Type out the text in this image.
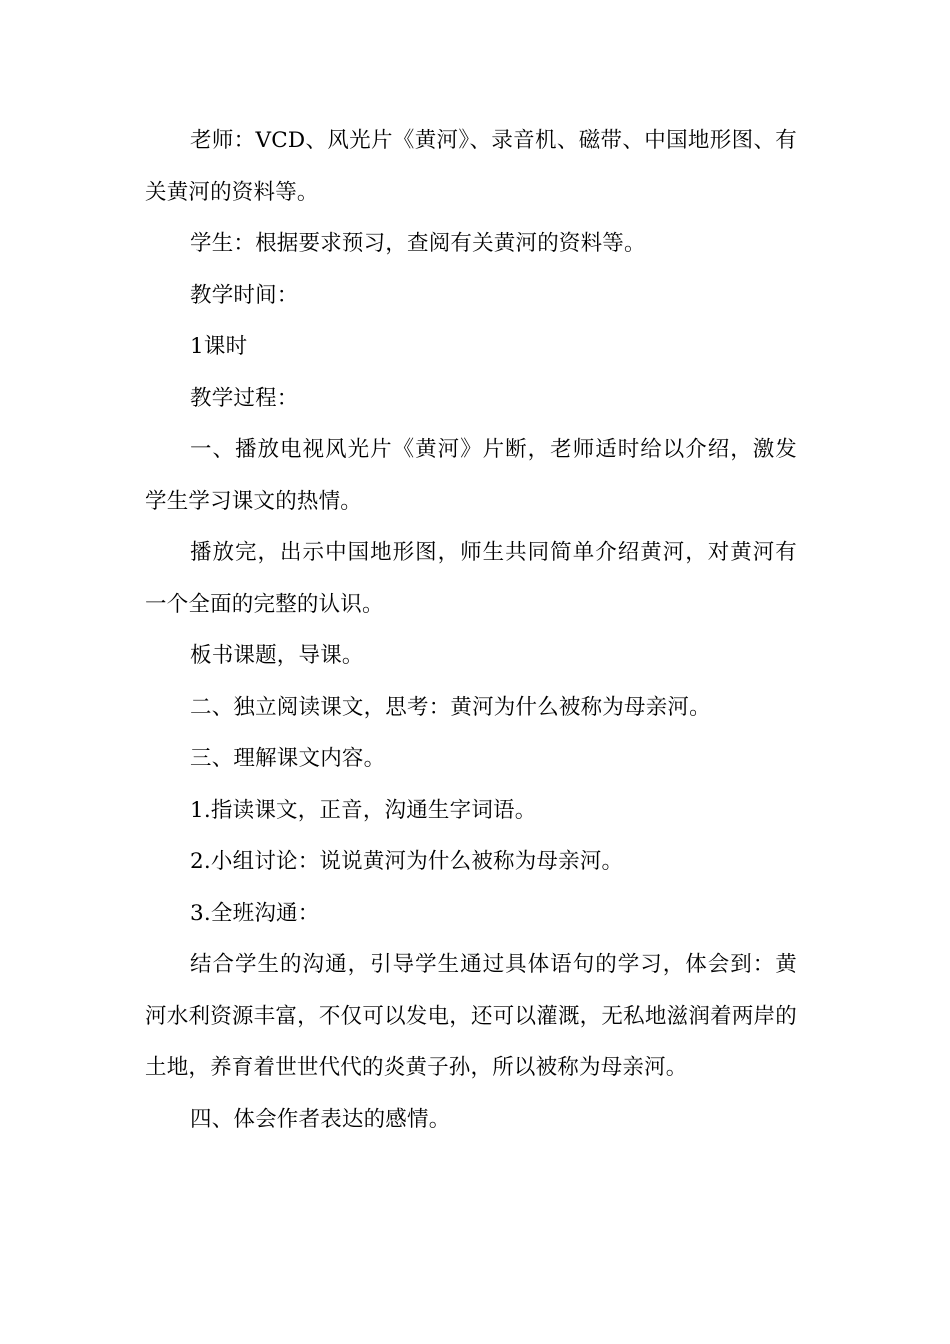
老师：VCD、风光片《黄河》、录音机、磁带、中国地形图、有关黄河的资料等。

学生：根据要求预习，查阅有关黄河的资料等。

教学时间：

1课时

教学过程：

一、播放电视风光片《黄河》片断，老师适时给以介绍，激发学生学习课文的热情。

播放完，出示中国地形图，师生共同简单介绍黄河，对黄河有一个全面的完整的认识。

板书课题，导课。

二、独立阅读课文，思考：黄河为什么被称为母亲河。

三、理解课文内容。

1.指读课文，正音，沟通生字词语。

2.小组讨论：说说黄河为什么被称为母亲河。

3.全班沟通：

结合学生的沟通，引导学生通过具体语句的学习，体会到：黄河水利资源丰富，不仅可以发电，还可以灌溉，无私地滋润着两岸的土地，养育着世世代代的炎黄子孙，所以被称为母亲河。

四、体会作者表达的感情。
